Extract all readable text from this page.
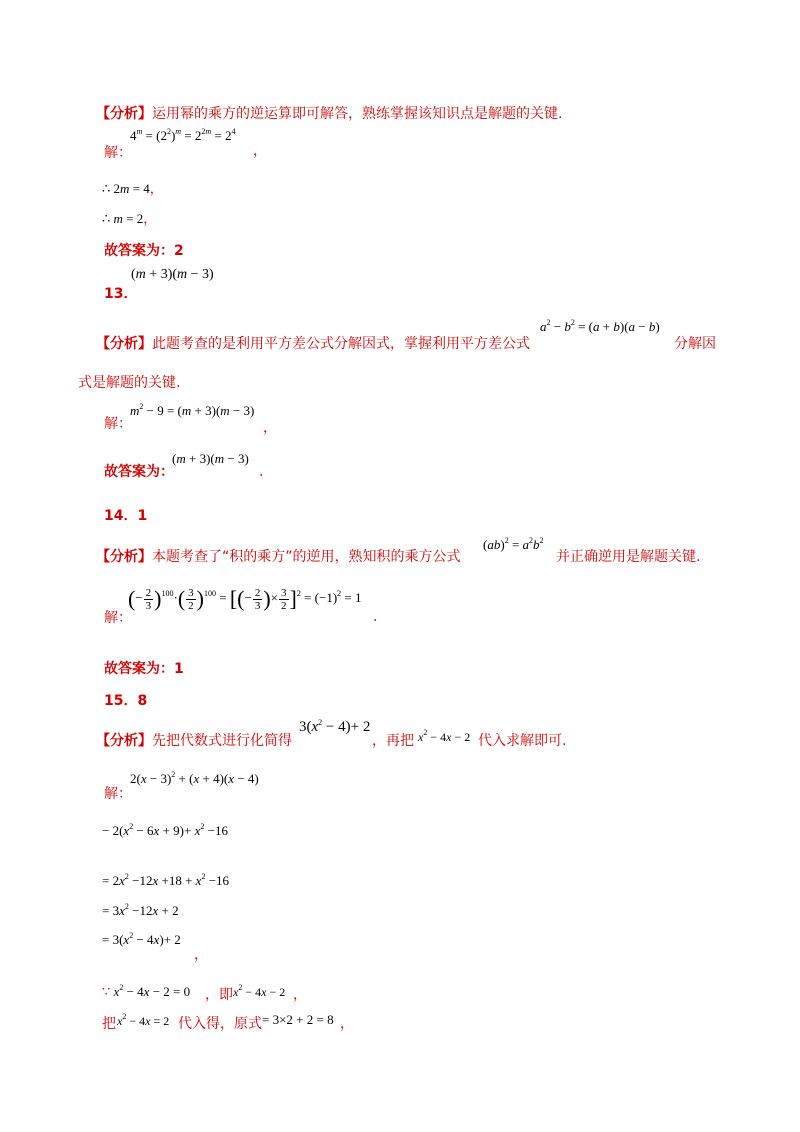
【分析】运用幂的乘方的逆运算即可解答，熟练掌握该知识点是解题的关键.
解：
$4^m = (2^2)^m = 2^{2m} = 2^4$
，
∴ 2m = 4，
∴ m = 2，
故答案为：2
(m + 3)(m − 3)
13．
【分析】此题考查的是利用平方差公式分解因式，掌握利用平方差公式
$a^2 - b^2 = (a + b)(a - b)$
分解因
式是解题的关键.
解：
$m^2 - 9 = (m + 3)(m - 3)$
，
故答案为：
(m + 3)(m − 3)
.
14．1
【分析】本题考查了“积的乘方”的逆用，熟知积的乘方公式
$(ab)^2 = a^2b^2$
并正确逆用是解题关键.
解：
(− $\frac{2}{3} )^{100}\cdot( \frac{3}{2} )^{100}$ = [(− $\frac{2}{3}$ )× $\frac{3}{2} ]^2 = (-1)^2 = 1$
.
故答案为：1
15．8
【分析】先把代数式进行化简得
$3(x^2 - 4)+ 2$
，再把 $x^2 - 4x - 2$ 代入求解即可.
解：
$2(x - 3)^2 + (x + 4)(x - 4)$
− $2(x^2 - 6x + 9)+ x^2 -16$
= $2x^2 -12x +18 + x^2 -16$
= $3x^2 -12x + 2$
= $3(x^2 - 4x)+ 2$
，
∵ $x^2 - 4x - 2 = 0$ ，即 $x^2 - 4x - 2$ ，
把 $x^2 - 4x = 2$ 代入得，原式 = 3×2 + 2 = 8 ，
